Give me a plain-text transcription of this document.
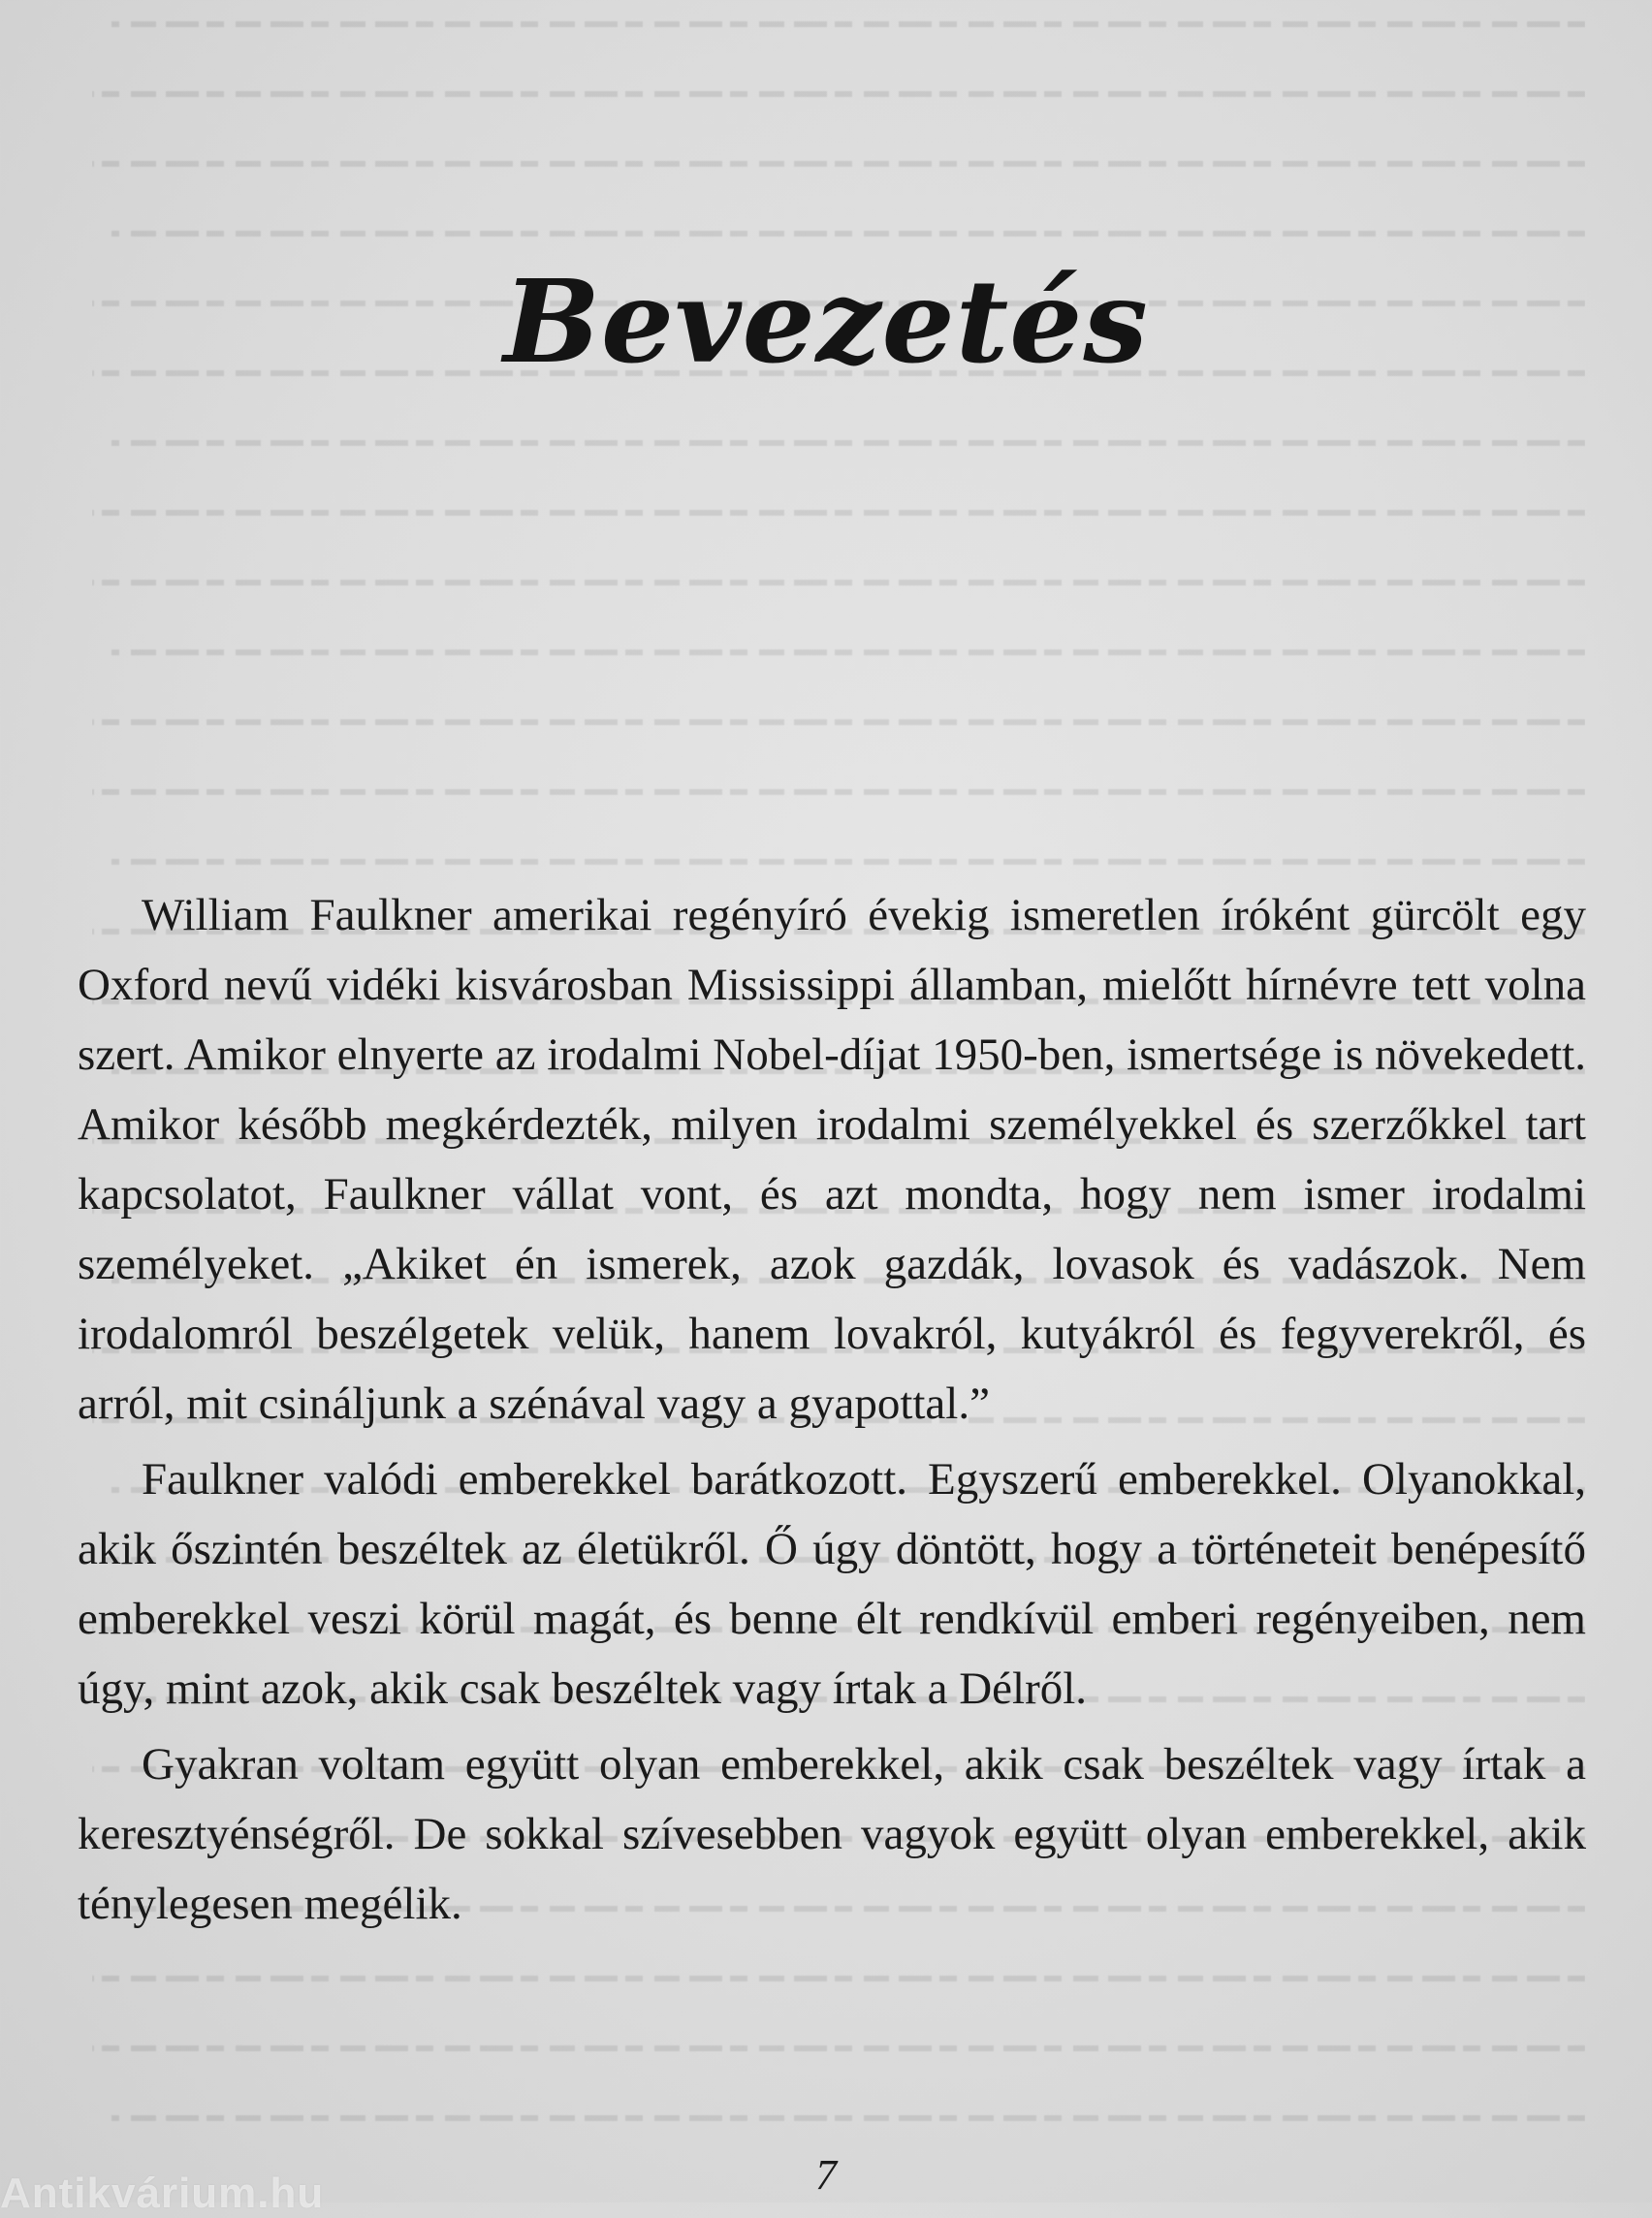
Bevezetés

William Faulkner amerikai regényíró évekig ismeretlen íróként gürcölt egy Oxford nevű vidéki kisvárosban Mississippi államban, mielőtt hírnévre tett volna szert. Amikor elnyerte az irodalmi Nobel-díjat 1950-ben, ismertsége is növekedett. Amikor később megkérdezték, milyen irodalmi személyekkel és szerzőkkel tart kapcsolatot, Faulkner vállat vont, és azt mondta, hogy nem ismer irodalmi személyeket. „Akiket én ismerek, azok gazdák, lovasok és vadászok. Nem irodalomról beszélgetek velük, hanem lovakról, kutyákról és fegyverekről, és arról, mit csináljunk a szénával vagy a gyapottal.”

Faulkner valódi emberekkel barátkozott. Egyszerű emberekkel. Olyanokkal, akik őszintén beszéltek az életükről. Ő úgy döntött, hogy a történeteit benépesítő emberekkel veszi körül magát, és benne élt rendkívül emberi regényeiben, nem úgy, mint azok, akik csak beszéltek vagy írtak a Délről.

Gyakran voltam együtt olyan emberekkel, akik csak beszéltek vagy írtak a keresztyénségről. De sokkal szívesebben vagyok együtt olyan emberekkel, akik ténylegesen megélik.

7
Antikvárium.hu
